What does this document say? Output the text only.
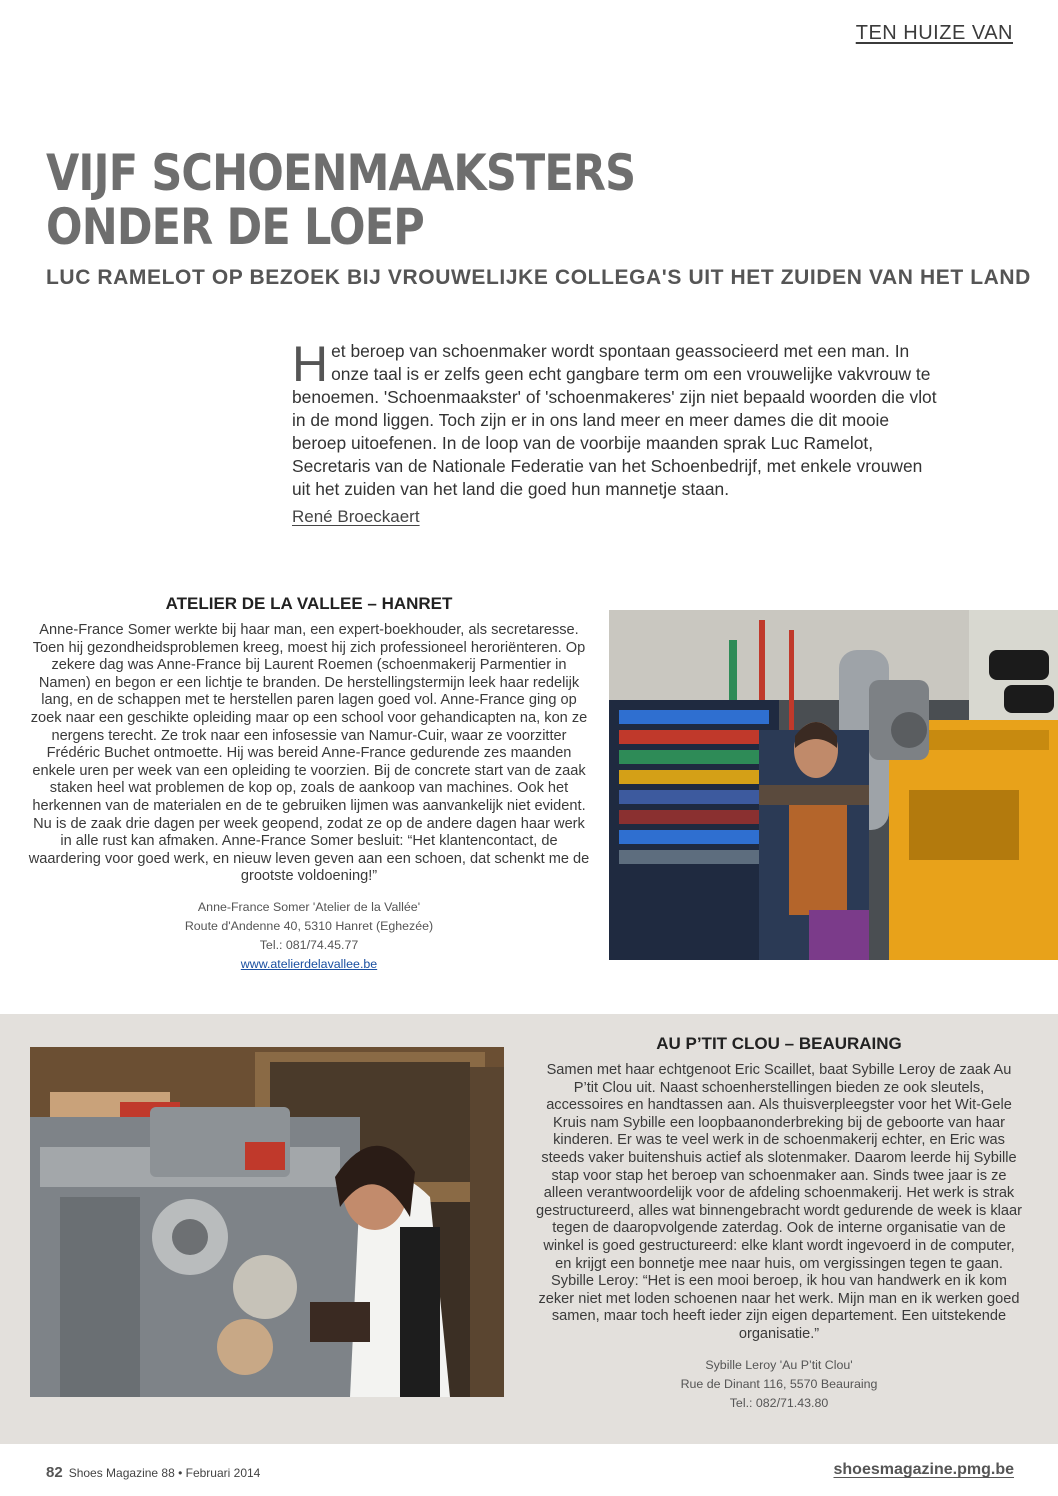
TEN HUIZE VAN
VIJF SCHOENMAAKSTERS
ONDER DE LOEP
LUC RAMELOT OP BEZOEK BIJ VROUWELIJKE COLLEGA'S UIT HET ZUIDEN VAN HET LAND
Het beroep van schoenmaker wordt spontaan geassocieerd met een man. In onze taal is er zelfs geen echt gangbare term om een vrouwelijke vakvrouw te benoemen. 'Schoenmaakster' of 'schoenmakeres' zijn niet bepaald woorden die vlot in de mond liggen. Toch zijn er in ons land meer en meer dames die dit mooie beroep uitoefenen. In de loop van de voorbije maanden sprak Luc Ramelot, Secretaris van de Nationale Federatie van het Schoenbedrijf, met enkele vrouwen uit het zuiden van het land die goed hun mannetje staan.
René Broeckaert
ATELIER DE LA VALLEE – HANRET

Anne-France Somer werkte bij haar man, een expert-boekhouder, als secretaresse. Toen hij gezondheidsproblemen kreeg, moest hij zich professioneel heroriënteren. Op zekere dag was Anne-France bij Laurent Roemen (schoenmakerij Parmentier in Namen) en begon er een lichtje te branden. De herstellingstermijn leek haar redelijk lang, en de schappen met te herstellen paren lagen goed vol. Anne-France ging op zoek naar een geschikte opleiding maar op een school voor gehandicapten na, kon ze nergens terecht. Ze trok naar een infosessie van Namur-Cuir, waar ze voorzitter Frédéric Buchet ontmoette. Hij was bereid Anne-France gedurende zes maanden enkele uren per week van een opleiding te voorzien. Bij de concrete start van de zaak staken heel wat problemen de kop op, zoals de aankoop van machines. Ook het herkennen van de materialen en de te gebruiken lijmen was aanvankelijk niet evident. Nu is de zaak drie dagen per week geopend, zodat ze op de andere dagen haar werk in alle rust kan afmaken. Anne-France Somer besluit: “Het klantencontact, de waardering voor goed werk, en nieuw leven geven aan een schoen, dat schenkt me de grootste voldoening!”

Anne-France Somer 'Atelier de la Vallée'
Route d'Andenne 40, 5310 Hanret (Eghezée)
Tel.: 081/74.45.77
www.atelierdelavallee.be
AU P’TIT CLOU – BEAURAING

Samen met haar echtgenoot Eric Scaillet, baat Sybille Leroy de zaak Au P’tit Clou uit. Naast schoenherstellingen bieden ze ook sleutels, accessoires en handtassen aan. Als thuisverpleegster voor het Wit-Gele Kruis nam Sybille een loopbaanonderbreking bij de geboorte van haar kinderen. Er was te veel werk in de schoenmakerij echter, en Eric was steeds vaker buitenshuis actief als slotenmaker. Daarom leerde hij Sybille stap voor stap het beroep van schoenmaker aan. Sinds twee jaar is ze alleen verantwoordelijk voor de afdeling schoenmakerij. Het werk is strak gestructureerd, alles wat binnengebracht wordt gedurende de week is klaar tegen de daaropvolgende zaterdag. Ook de interne organisatie van de winkel is goed gestructureerd: elke klant wordt ingevoerd in de computer, en krijgt een bonnetje mee naar huis, om vergissingen tegen te gaan. Sybille Leroy: “Het is een mooi beroep, ik hou van handwerk en ik kom zeker niet met loden schoenen naar het werk. Mijn man en ik werken goed samen, maar toch heeft ieder zijn eigen departement. Een uitstekende organisatie.”

Sybille Leroy 'Au P’tit Clou'
Rue de Dinant 116, 5570 Beauraing
Tel.: 082/71.43.80
82 Shoes Magazine 88 • Februari 2014	shoesmagazine.pmg.be
